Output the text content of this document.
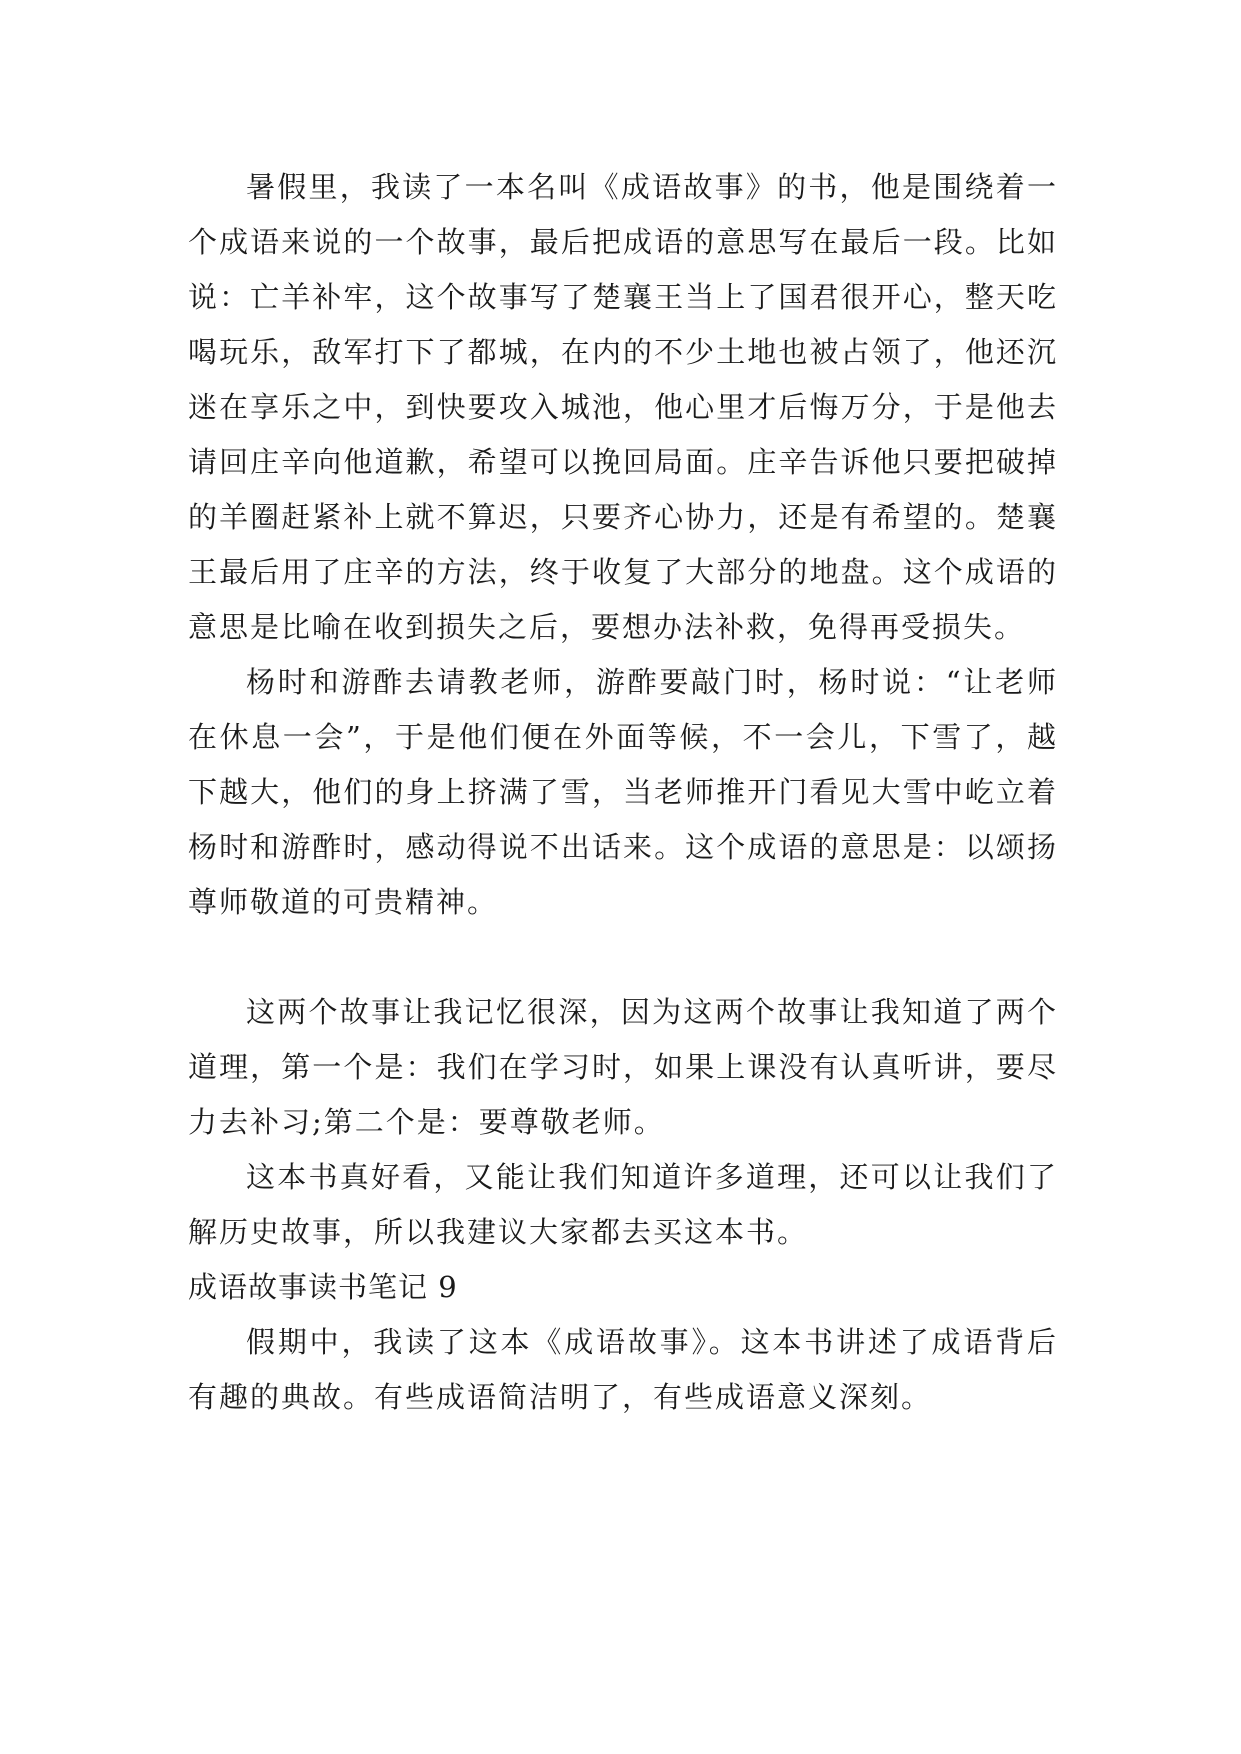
暑假里，我读了一本名叫《成语故事》的书，他是围绕着一个成语来说的一个故事，最后把成语的意思写在最后一段。比如说：亡羊补牢，这个故事写了楚襄王当上了国君很开心，整天吃喝玩乐，敌军打下了都城，在内的不少土地也被占领了，他还沉迷在享乐之中，到快要攻入城池，他心里才后悔万分，于是他去请回庄辛向他道歉，希望可以挽回局面。庄辛告诉他只要把破掉的羊圈赶紧补上就不算迟，只要齐心协力，还是有希望的。楚襄王最后用了庄辛的方法，终于收复了大部分的地盘。这个成语的意思是比喻在收到损失之后，要想办法补救，免得再受损失。

杨时和游酢去请教老师，游酢要敲门时，杨时说：“让老师在休息一会”，于是他们便在外面等候，不一会儿，下雪了，越下越大，他们的身上挤满了雪，当老师推开门看见大雪中屹立着杨时和游酢时，感动得说不出话来。这个成语的意思是：以颂扬尊师敬道的可贵精神。

这两个故事让我记忆很深，因为这两个故事让我知道了两个道理，第一个是：我们在学习时，如果上课没有认真听讲，要尽力去补习;第二个是：要尊敬老师。

这本书真好看，又能让我们知道许多道理，还可以让我们了解历史故事，所以我建议大家都去买这本书。

成语故事读书笔记 9

假期中，我读了这本《成语故事》。这本书讲述了成语背后有趣的典故。有些成语简洁明了，有些成语意义深刻。
